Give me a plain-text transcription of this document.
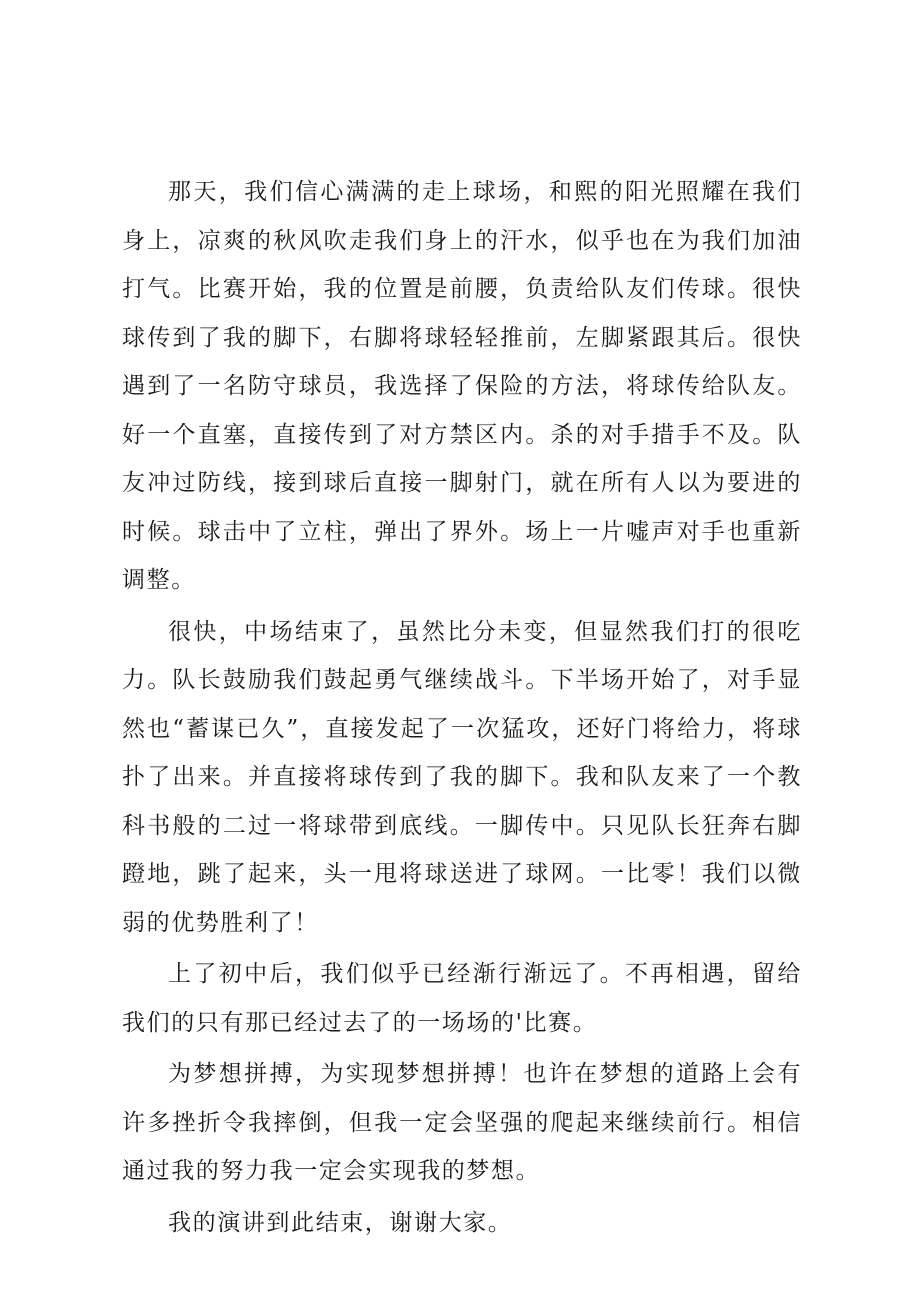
那天，我们信心满满的走上球场，和熙的阳光照耀在我们身上，凉爽的秋风吹走我们身上的汗水，似乎也在为我们加油打气。比赛开始，我的位置是前腰，负责给队友们传球。很快球传到了我的脚下，右脚将球轻轻推前，左脚紧跟其后。很快遇到了一名防守球员，我选择了保险的方法，将球传给队友。好一个直塞，直接传到了对方禁区内。杀的对手措手不及。队友冲过防线，接到球后直接一脚射门，就在所有人以为要进的时候。球击中了立柱，弹出了界外。场上一片嘘声对手也重新调整。

很快，中场结束了，虽然比分未变，但显然我们打的很吃力。队长鼓励我们鼓起勇气继续战斗。下半场开始了，对手显然也“蓄谋已久”，直接发起了一次猛攻，还好门将给力，将球扑了出来。并直接将球传到了我的脚下。我和队友来了一个教科书般的二过一将球带到底线。一脚传中。只见队长狂奔右脚蹬地，跳了起来，头一甩将球送进了球网。一比零！我们以微弱的优势胜利了！

上了初中后，我们似乎已经渐行渐远了。不再相遇，留给我们的只有那已经过去了的一场场的'比赛。

为梦想拼搏，为实现梦想拼搏！也许在梦想的道路上会有许多挫折令我摔倒，但我一定会坚强的爬起来继续前行。相信通过我的努力我一定会实现我的梦想。

我的演讲到此结束，谢谢大家。
